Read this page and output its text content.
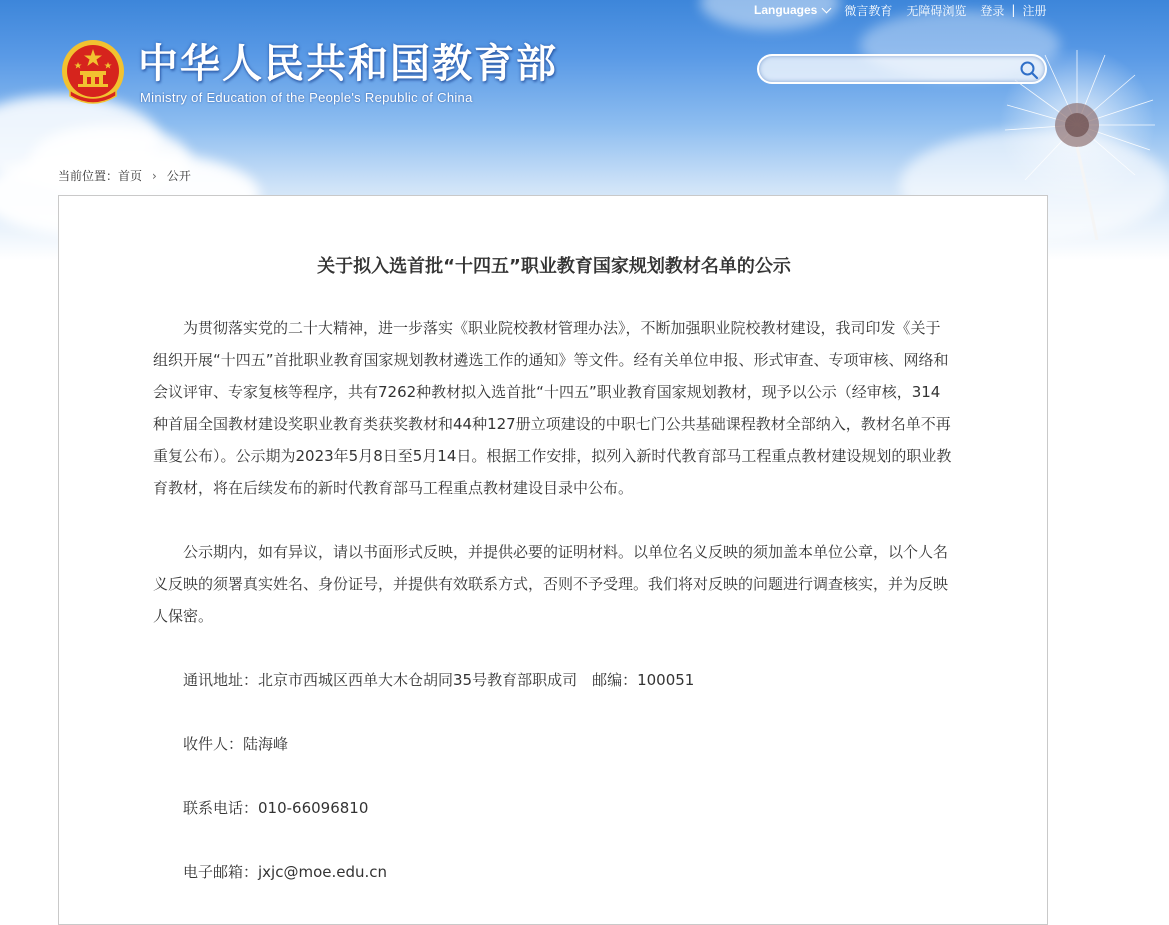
Languages 微言教育 无障碍浏览 登录 | 注册
中华人民共和国教育部
Ministry of Education of the People's Republic of China
当前位置： 首页 › 公开
关于拟入选首批“十四五”职业教育国家规划教材名单的公示

为贯彻落实党的二十大精神，进一步落实《职业院校教材管理办法》，不断加强职业院校教材建设，我司印发《关于组织开展“十四五”首批职业教育国家规划教材遴选工作的通知》等文件。经有关单位申报、形式审查、专项审核、网络和会议评审、专家复核等程序，共有7262种教材拟入选首批“十四五”职业教育国家规划教材，现予以公示（经审核，314种首届全国教材建设奖职业教育类获奖教材和44种127册立项建设的中职七门公共基础课程教材全部纳入，教材名单不再重复公布）。公示期为2023年5月8日至5月14日。根据工作安排，拟列入新时代教育部马工程重点教材建设规划的职业教育教材，将在后续发布的新时代教育部马工程重点教材建设目录中公布。

公示期内，如有异议，请以书面形式反映，并提供必要的证明材料。以单位名义反映的须加盖本单位公章，以个人名义反映的须署真实姓名、身份证号，并提供有效联系方式，否则不予受理。我们将对反映的问题进行调查核实，并为反映人保密。

通讯地址：北京市西城区西单大木仓胡同35号教育部职成司　邮编：100051

收件人：陆海峰

联系电话：010-66096810

电子邮箱：jxjc@moe.edu.cn
